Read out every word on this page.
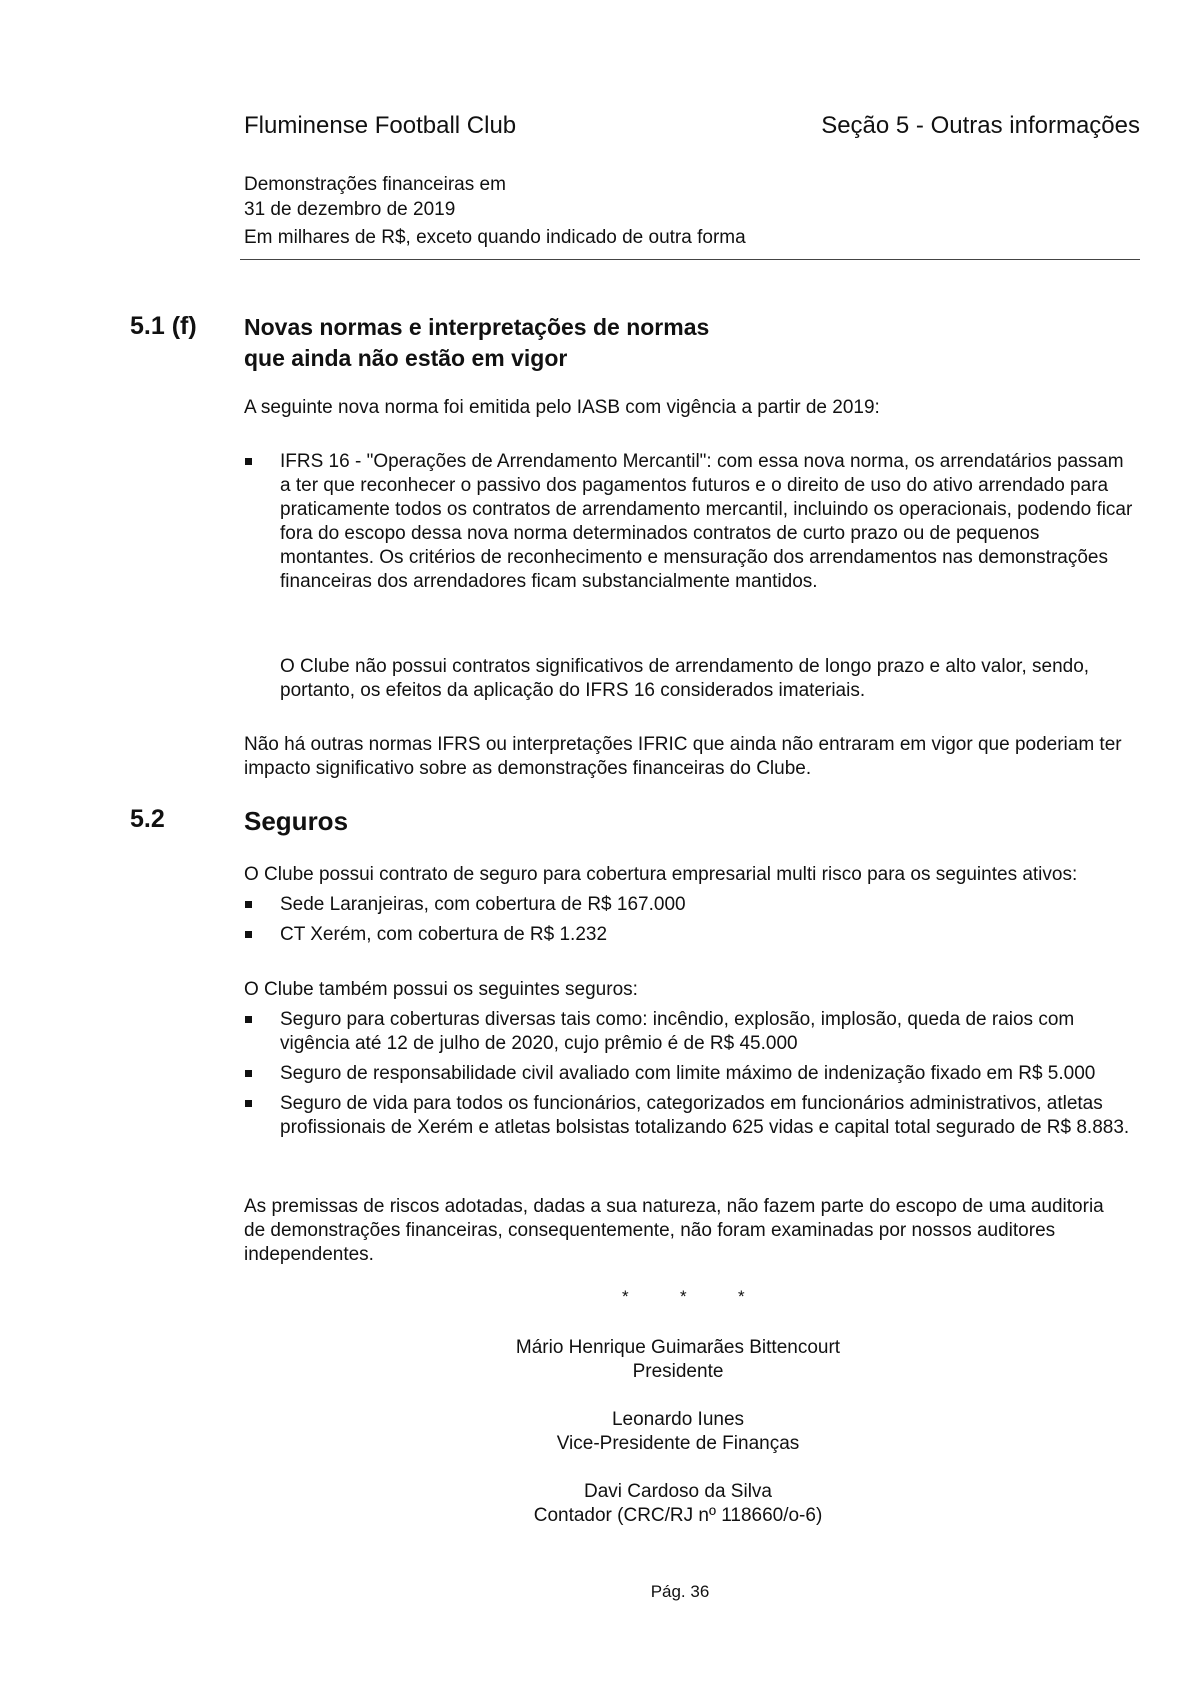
Fluminense Football Club	Seção 5 - Outras informações
Demonstrações financeiras em
31 de dezembro de 2019
Em milhares de R$, exceto quando indicado de outra forma
5.1 (f) Novas normas e interpretações de normas
que ainda não estão em vigor
A seguinte nova norma foi emitida pelo IASB com vigência a partir de 2019:
IFRS 16 - "Operações de Arrendamento Mercantil": com essa nova norma, os arrendatários passam a ter que reconhecer o passivo dos pagamentos futuros e o direito de uso do ativo arrendado para praticamente todos os contratos de arrendamento mercantil, incluindo os operacionais, podendo ficar fora do escopo dessa nova norma determinados contratos de curto prazo ou de pequenos montantes. Os critérios de reconhecimento e mensuração dos arrendamentos nas demonstrações financeiras dos arrendadores ficam substancialmente mantidos.
O Clube não possui contratos significativos de arrendamento de longo prazo e alto valor, sendo, portanto, os efeitos da aplicação do IFRS 16 considerados imateriais.
Não há outras normas IFRS ou interpretações IFRIC que ainda não entraram em vigor que poderiam ter impacto significativo sobre as demonstrações financeiras do Clube.
5.2	Seguros
O Clube possui contrato de seguro para cobertura empresarial multi risco para os seguintes ativos:
Sede Laranjeiras, com cobertura de R$ 167.000
CT Xerém, com cobertura de R$ 1.232
O Clube também possui os seguintes seguros:
Seguro para coberturas diversas tais como: incêndio, explosão, implosão, queda de raios com vigência até 12 de julho de 2020, cujo prêmio é de R$ 45.000
Seguro de responsabilidade civil avaliado com limite máximo de indenização fixado em R$ 5.000
Seguro de vida para todos os funcionários, categorizados em funcionários administrativos, atletas profissionais de Xerém e atletas bolsistas totalizando 625 vidas e capital total segurado de R$ 8.883.
As premissas de riscos adotadas, dadas a sua natureza, não fazem parte do escopo de uma auditoria de demonstrações financeiras, consequentemente, não foram examinadas por nossos auditores independentes.
*	*	*
Mário Henrique Guimarães Bittencourt
Presidente
Leonardo Iunes
Vice-Presidente de Finanças
Davi Cardoso da Silva
Contador (CRC/RJ nº 118660/o-6)
Pág. 36
